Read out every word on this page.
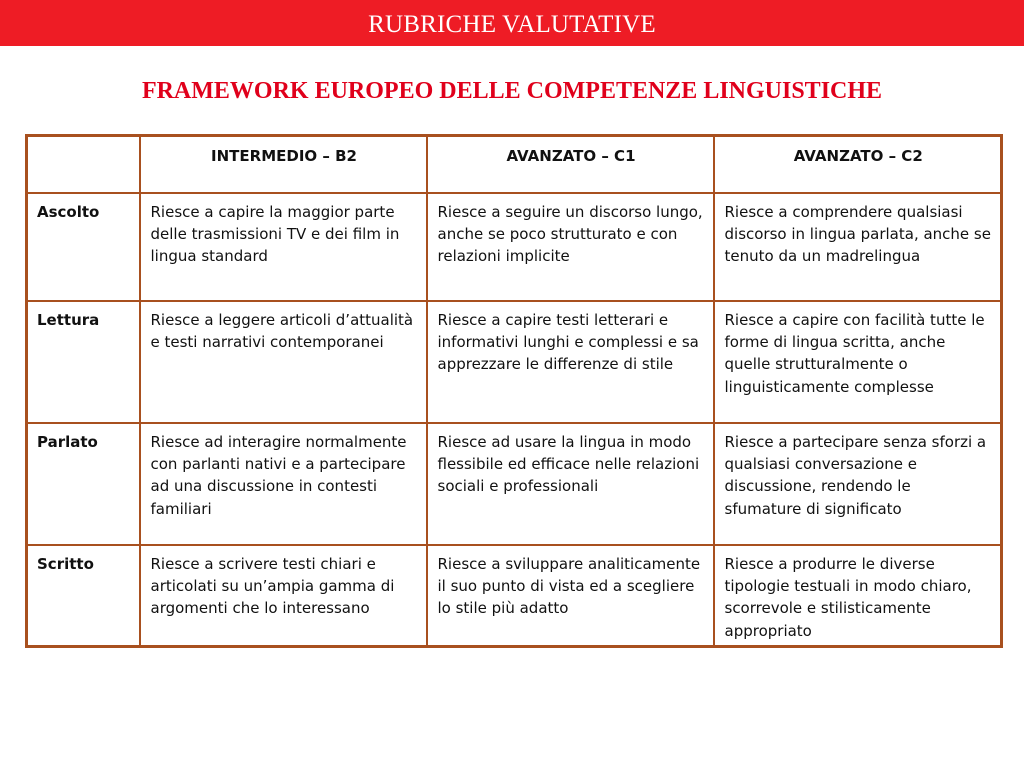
RUBRICHE VALUTATIVE
FRAMEWORK EUROPEO DELLE COMPETENZE LINGUISTICHE
	INTERMEDIO – B2	AVANZATO – C1	AVANZATO – C2
Ascolto	Riesce a capire la maggior parte delle trasmissioni TV e dei film in lingua standard	Riesce a seguire un discorso lungo, anche se poco strutturato e con relazioni implicite	Riesce a comprendere qualsiasi discorso in lingua parlata, anche se tenuto da un madrelingua
Lettura	Riesce a leggere articoli d’attualità e testi narrativi contemporanei	Riesce a capire testi letterari e informativi lunghi e complessi e sa apprezzare le differenze di stile	Riesce a capire con facilità tutte le forme di lingua scritta, anche quelle strutturalmente o linguisticamente complesse
Parlato	Riesce ad interagire normalmente con parlanti nativi e a partecipare ad una discussione in contesti familiari	Riesce ad usare la lingua in modo flessibile ed efficace nelle relazioni sociali e professionali	Riesce a partecipare senza sforzi a qualsiasi conversazione e discussione, rendendo le sfumature di significato
Scritto	Riesce a scrivere testi chiari e articolati su un’ampia gamma di argomenti che lo interessano	Riesce a sviluppare analiticamente il suo punto di vista ed a scegliere lo stile più adatto	Riesce a produrre le diverse tipologie testuali in modo chiaro, scorrevole e stilisticamente appropriato
